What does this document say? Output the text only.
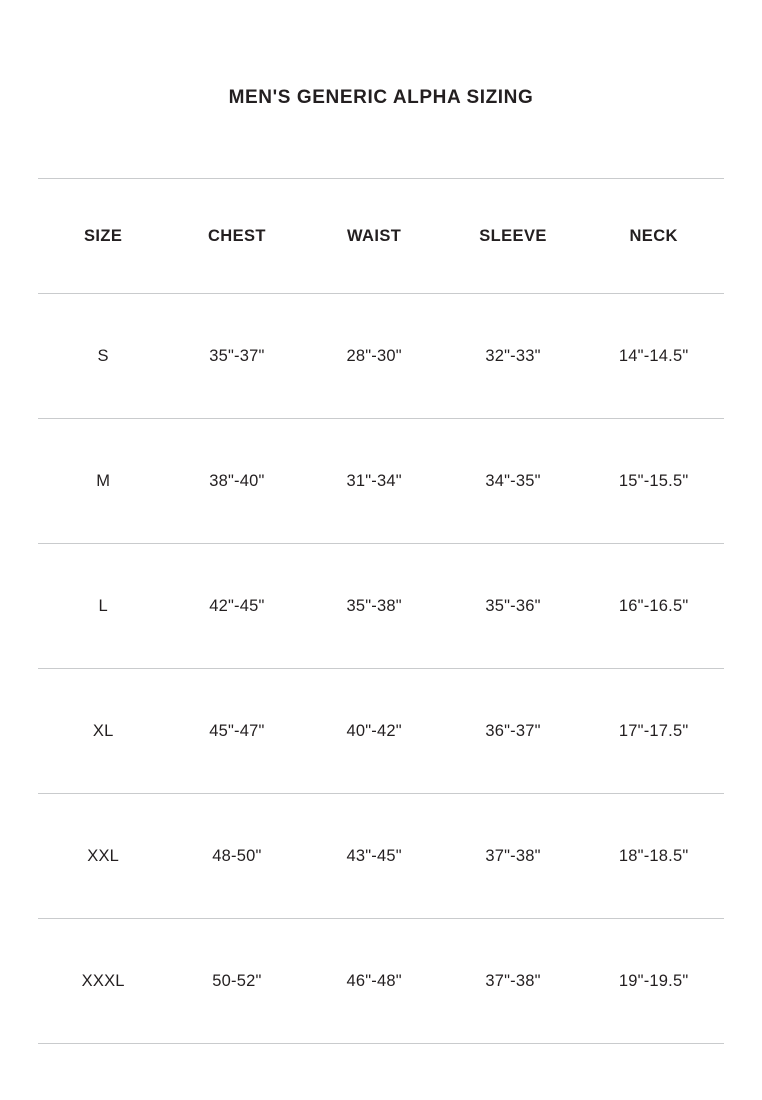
MEN'S GENERIC ALPHA SIZING
SIZE	CHEST	WAIST	SLEEVE	NECK
S	35"-37"	28"-30"	32"-33"	14"-14.5"
M	38"-40"	31"-34"	34"-35"	15"-15.5"
L	42"-45"	35"-38"	35"-36"	16"-16.5"
XL	45"-47"	40"-42"	36"-37"	17"-17.5"
XXL	48-50"	43"-45"	37"-38"	18"-18.5"
XXXL	50-52"	46"-48"	37"-38"	19"-19.5"
